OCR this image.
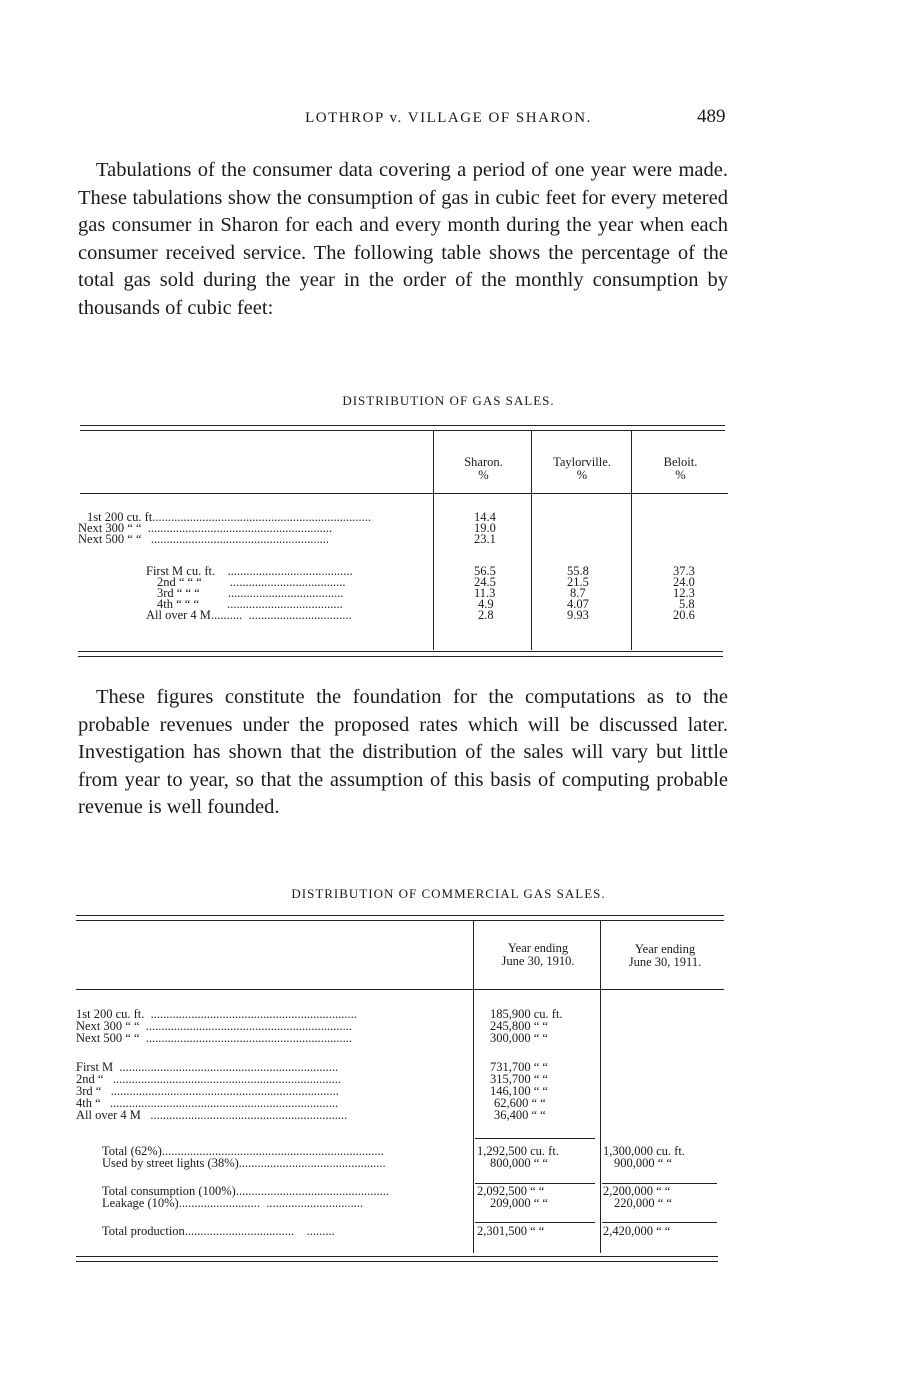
LOTHROP v. VILLAGE OF SHARON.	489

Tabulations of the consumer data covering a period of one year were made. These tabulations show the consumption of gas in cubic feet for every metered gas consumer in Sharon for each and every month during the year when each consumer received service. The following table shows the percentage of the total gas sold during the year in the order of the monthly consumption by thousands of cubic feet:

DISTRIBUTION OF GAS SALES.
Sharon.
%
Taylorville.
%
Beloit.
%
1st 200 cu. ft......................................................................	14.4
Next 300 “ “  ...........................................................	19.0
Next 500 “ “   .........................................................	23.1
First M cu. ft.    ........................................	56.5	55.8	37.3
2nd “ “ “         .....................................	24.5	21.5	24.0
3rd “ “ “         .....................................	11.3	8.7	12.3
4th “ “ “         .....................................	4.9	4.07	5.8
All over 4 M..........  .................................	2.8	9.93	20.6

These figures constitute the foundation for the computations as to the probable revenues under the proposed rates which will be discussed later. Investigation has shown that the distribution of the sales will vary but little from year to year, so that the assumption of this basis of computing probable revenue is well founded.

DISTRIBUTION OF COMMERCIAL GAS SALES.
Year ending
June 30, 1910.
Year ending
June 30, 1911.
1st 200 cu. ft.  ..................................................................	185,900 cu. ft.
Next 300 “ “  ..................................................................	245,800 “ “
Next 500 “ “  ..................................................................	300,000 “ “
First M  ......................................................................	731,700 “ “
2nd “   .........................................................................	315,700 “ “
3rd “   .........................................................................	146,100 “ “
4th “   .........................................................................	62,600 “ “
All over 4 M   ...............................................................	36,400 “ “
Total (62%).......................................................................	1,292,500 cu. ft.	1,300,000 cu. ft.
Used by street lights (38%)...............................................	800,000 “ “	900,000 “ “
Total consumption (100%).................................................	2,092,500 “ “	2,200,000 “ “
Leakage (10%)..........................  ...............................	209,000 “ “	220,000 “ “
Total production...................................    .........	2,301,500 “ “	2,420,000 “ “
